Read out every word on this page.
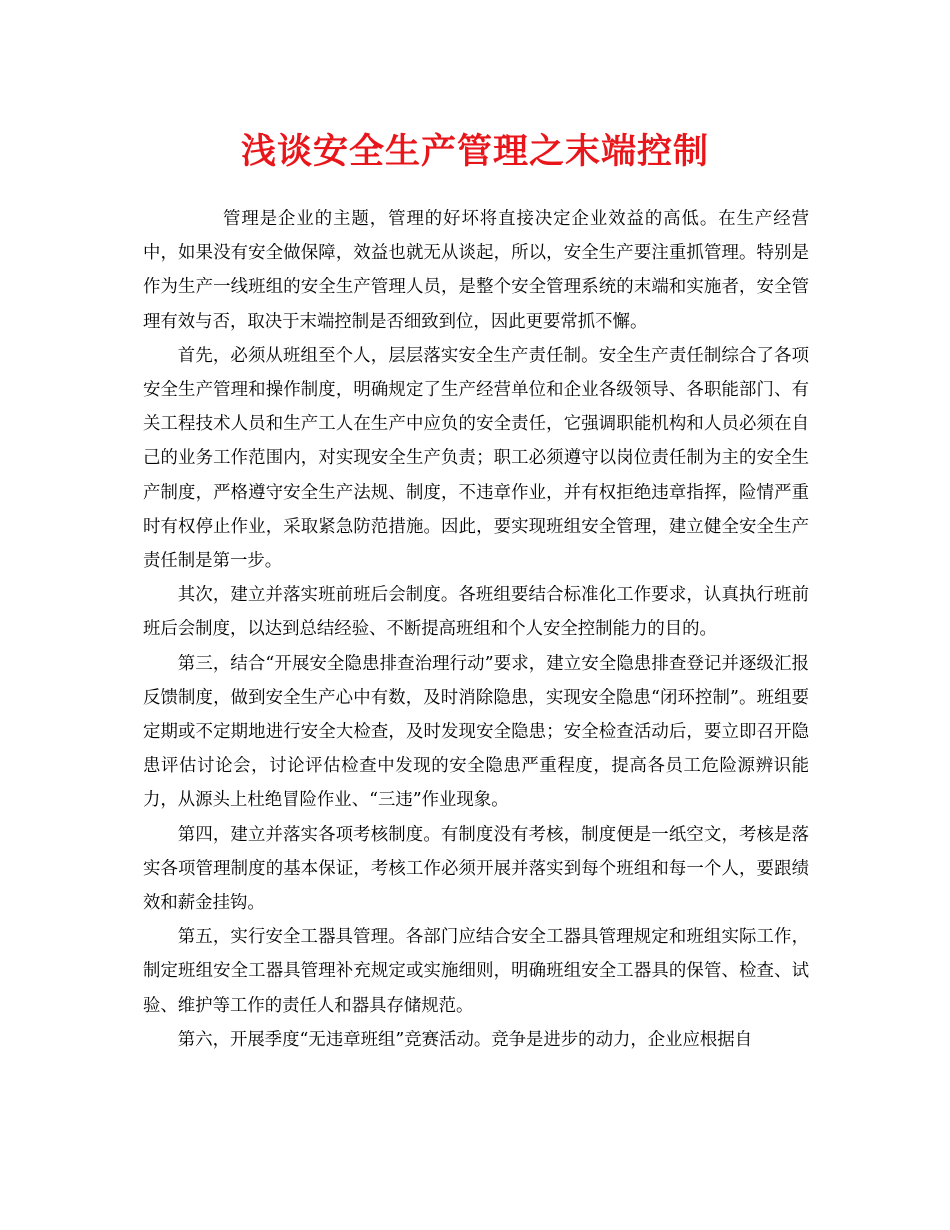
浅谈安全生产管理之末端控制

管理是企业的主题，管理的好坏将直接决定企业效益的高低。在生产经营中，如果没有安全做保障，效益也就无从谈起，所以，安全生产要注重抓管理。特别是作为生产一线班组的安全生产管理人员，是整个安全管理系统的末端和实施者，安全管理有效与否，取决于末端控制是否细致到位，因此更要常抓不懈。

首先，必须从班组至个人，层层落实安全生产责任制。安全生产责任制综合了各项安全生产管理和操作制度，明确规定了生产经营单位和企业各级领导、各职能部门、有关工程技术人员和生产工人在生产中应负的安全责任，它强调职能机构和人员必须在自己的业务工作范围内，对实现安全生产负责；职工必须遵守以岗位责任制为主的安全生产制度，严格遵守安全生产法规、制度，不违章作业，并有权拒绝违章指挥，险情严重时有权停止作业，采取紧急防范措施。因此，要实现班组安全管理，建立健全安全生产责任制是第一步。

其次，建立并落实班前班后会制度。各班组要结合标准化工作要求，认真执行班前班后会制度，以达到总结经验、不断提高班组和个人安全控制能力的目的。

第三，结合“开展安全隐患排查治理行动”要求，建立安全隐患排查登记并逐级汇报反馈制度，做到安全生产心中有数，及时消除隐患，实现安全隐患“闭环控制”。班组要定期或不定期地进行安全大检查，及时发现安全隐患；安全检查活动后，要立即召开隐患评估讨论会，讨论评估检查中发现的安全隐患严重程度，提高各员工危险源辨识能力，从源头上杜绝冒险作业、“三违”作业现象。

第四，建立并落实各项考核制度。有制度没有考核，制度便是一纸空文，考核是落实各项管理制度的基本保证，考核工作必须开展并落实到每个班组和每一个人，要跟绩效和薪金挂钩。

第五，实行安全工器具管理。各部门应结合安全工器具管理规定和班组实际工作，制定班组安全工器具管理补充规定或实施细则，明确班组安全工器具的保管、检查、试验、维护等工作的责任人和器具存储规范。

第六，开展季度“无违章班组”竞赛活动。竞争是进步的动力，企业应根据自
